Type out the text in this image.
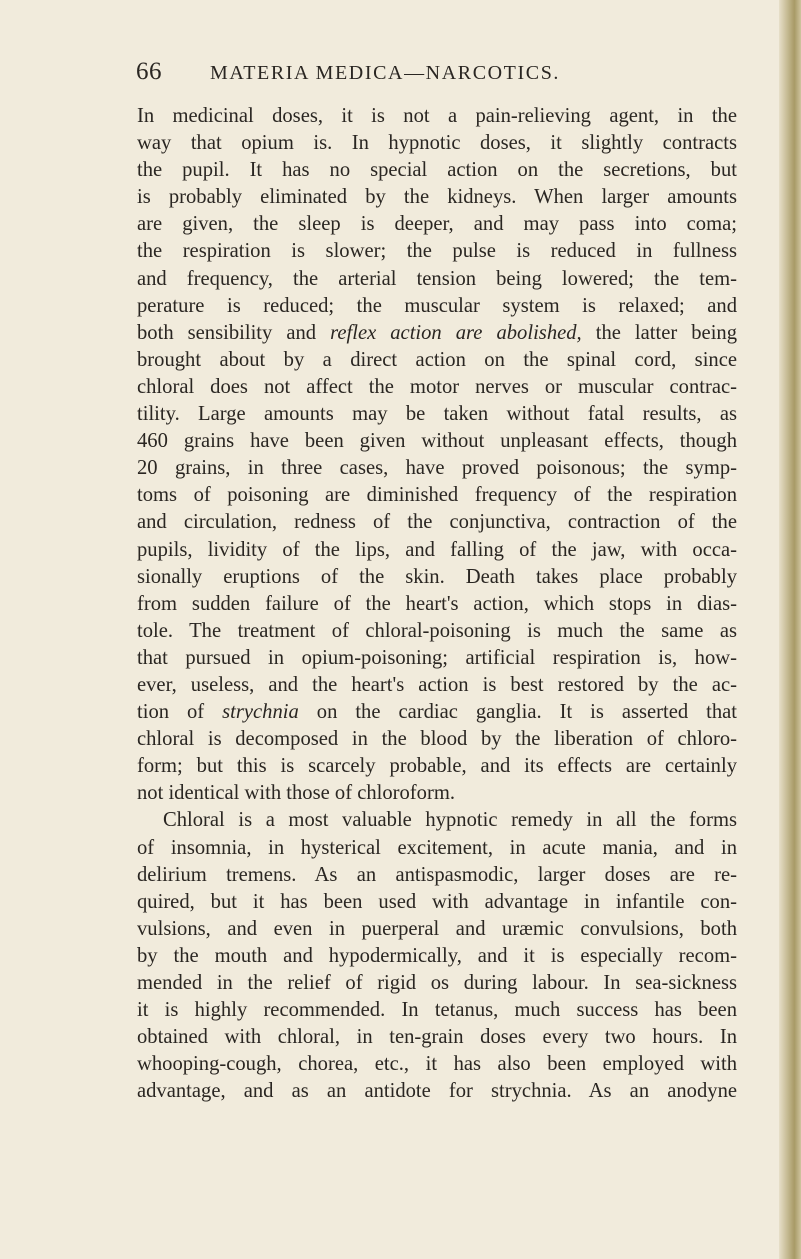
66 MATERIA MEDICA—NARCOTICS.
In medicinal doses, it is not a pain-relieving agent, in the
way that opium is. In hypnotic doses, it slightly contracts
the pupil. It has no special action on the secretions, but
is probably eliminated by the kidneys. When larger amounts
are given, the sleep is deeper, and may pass into coma;
the respiration is slower; the pulse is reduced in fullness
and frequency, the arterial tension being lowered; the tem-
perature is reduced; the muscular system is relaxed; and
both sensibility and reflex action are abolished, the latter being
brought about by a direct action on the spinal cord, since
chloral does not affect the motor nerves or muscular contrac-
tility. Large amounts may be taken without fatal results, as
460 grains have been given without unpleasant effects, though
20 grains, in three cases, have proved poisonous; the symp-
toms of poisoning are diminished frequency of the respiration
and circulation, redness of the conjunctiva, contraction of the
pupils, lividity of the lips, and falling of the jaw, with occa-
sionally eruptions of the skin. Death takes place probably
from sudden failure of the heart's action, which stops in dias-
tole. The treatment of chloral-poisoning is much the same as
that pursued in opium-poisoning; artificial respiration is, how-
ever, useless, and the heart's action is best restored by the ac-
tion of strychnia on the cardiac ganglia. It is asserted that
chloral is decomposed in the blood by the liberation of chloro-
form; but this is scarcely probable, and its effects are certainly
not identical with those of chloroform.
Chloral is a most valuable hypnotic remedy in all the forms
of insomnia, in hysterical excitement, in acute mania, and in
delirium tremens. As an antispasmodic, larger doses are re-
quired, but it has been used with advantage in infantile con-
vulsions, and even in puerperal and uræmic convulsions, both
by the mouth and hypodermically, and it is especially recom-
mended in the relief of rigid os during labour. In sea-sickness
it is highly recommended. In tetanus, much success has been
obtained with chloral, in ten-grain doses every two hours. In
whooping-cough, chorea, etc., it has also been employed with
advantage, and as an antidote for strychnia. As an anodyne
